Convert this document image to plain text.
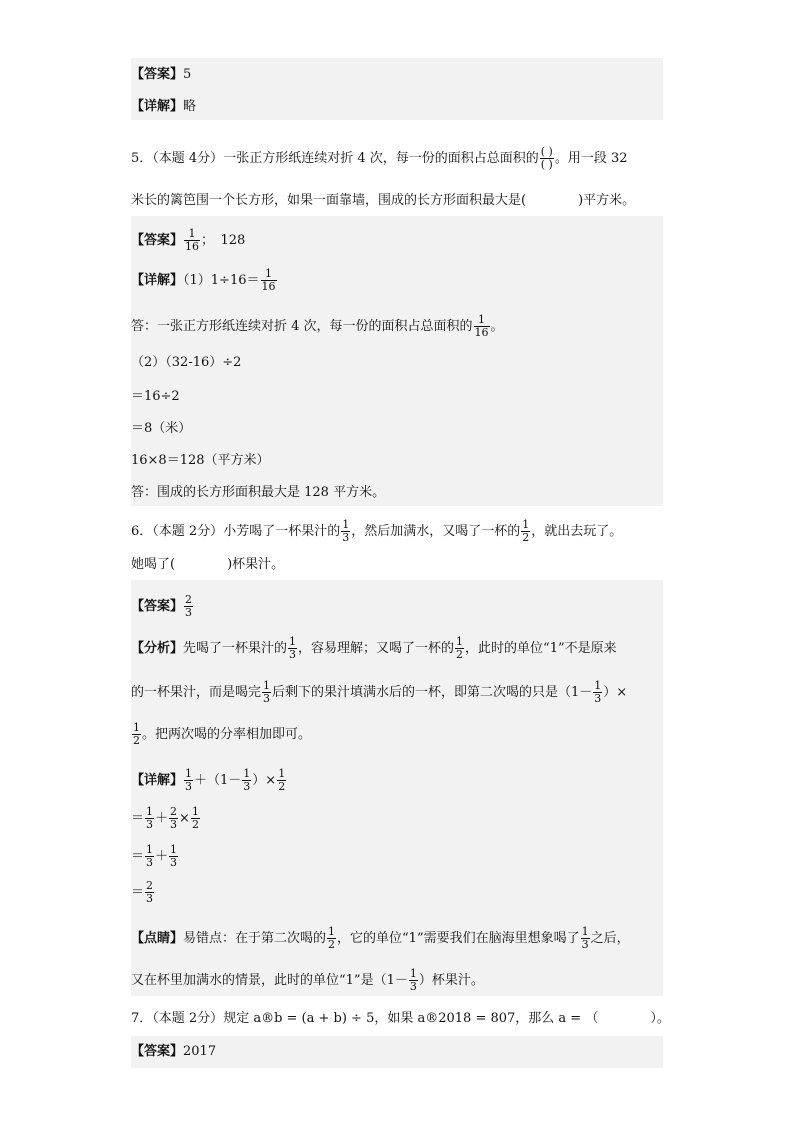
【答案】5
【详解】略
5．（本题 4分）一张正方形纸连续对折 4 次，每一份的面积占总面积的 $\frac{( )}{( )}$ 。用一段 32
米长的篱笆围一个长方形，如果一面靠墙，围成的长方形面积最大是(	)平方米。
【答案】 $\frac{1}{16}$ ；　128
【详解】$(1)1\div 16= \frac{1}{16}$
答：一张正方形纸连续对折 4 次，每一份的面积占总面积的 $\frac{1}{16}$ 。
（2）（32-16）÷2
＝16÷2
＝8（米）
16×8＝128（平方米）
答：围成的长方形面积最大是 128 平方米。
6．（本题 2分）小芳喝了一杯果汁的 $\frac{1}{3}$ ，然后加满水，又喝了一杯的 $\frac{1}{2}$ ，就出去玩了。
她喝了(	)杯果汁。
【答案】 $\frac{2}{3}$
【分析】先喝了一杯果汁的 $\frac{1}{3}$ ，容易理解；又喝了一杯的 $\frac{1}{2}$ ，此时的单位“1”不是原来
的一杯果汁，而是喝完 $\frac{1}{3}$ 后剩下的果汁填满水后的一杯，即第二次喝的只是（$1- \frac{1}{3}$ ）×
$\frac{1}{2}$ 。把两次喝的分率相加即可。
【详解】 $\frac{1}{3} +(1- \frac{1}{3}$ ）× $\frac{1}{2}$
＝ $\frac{1}{3} + \frac{2}{3} \times \frac{1}{2}$
＝ $\frac{1}{3} + \frac{1}{3}$
＝ $\frac{2}{3}$
【点睛】易错点：在于第二次喝的 $\frac{1}{2}$ ，它的单位“1”需要我们在脑海里想象喝了 $\frac{1}{3}$ 之后，
又在杯里加满水的情景，此时的单位“1”是（$1- \frac{1}{3}$ ）杯果汁。
7．（本题 2分）规定 a®b = (a + b) ÷ 5，如果 a®2018 = 807，那么 a = （	）。
【答案】2017
